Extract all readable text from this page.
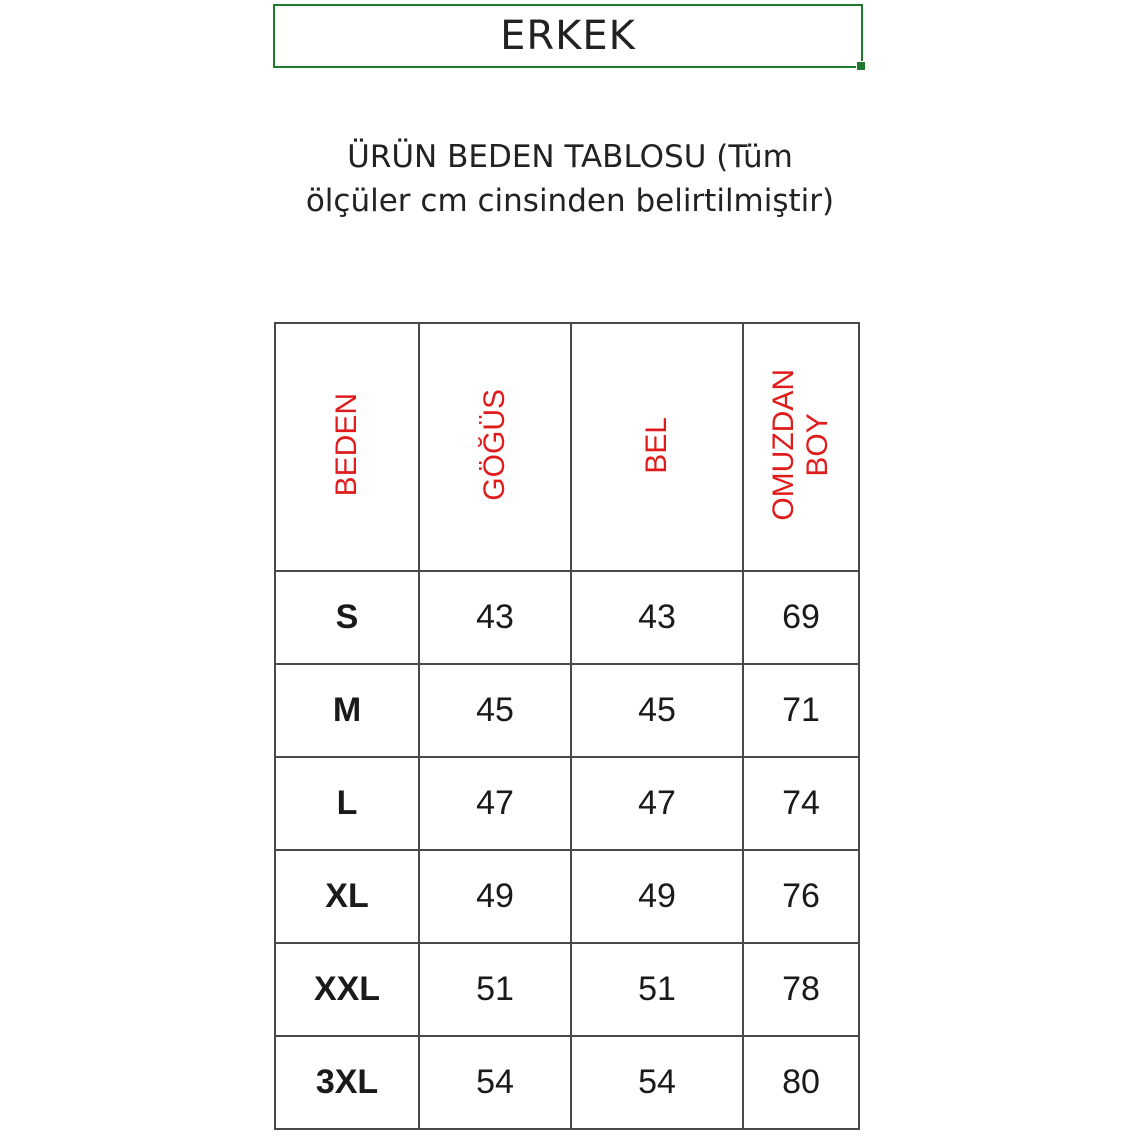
ERKEK
ÜRÜN BEDEN TABLOSU (Tüm
ölçüler cm cinsinden belirtilmiştir)
BEDEN	GÖĞÜS	BEL	OMUZDAN
BOY
S	43	43	69
M	45	45	71
L	47	47	74
XL	49	49	76
XXL	51	51	78
3XL	54	54	80
